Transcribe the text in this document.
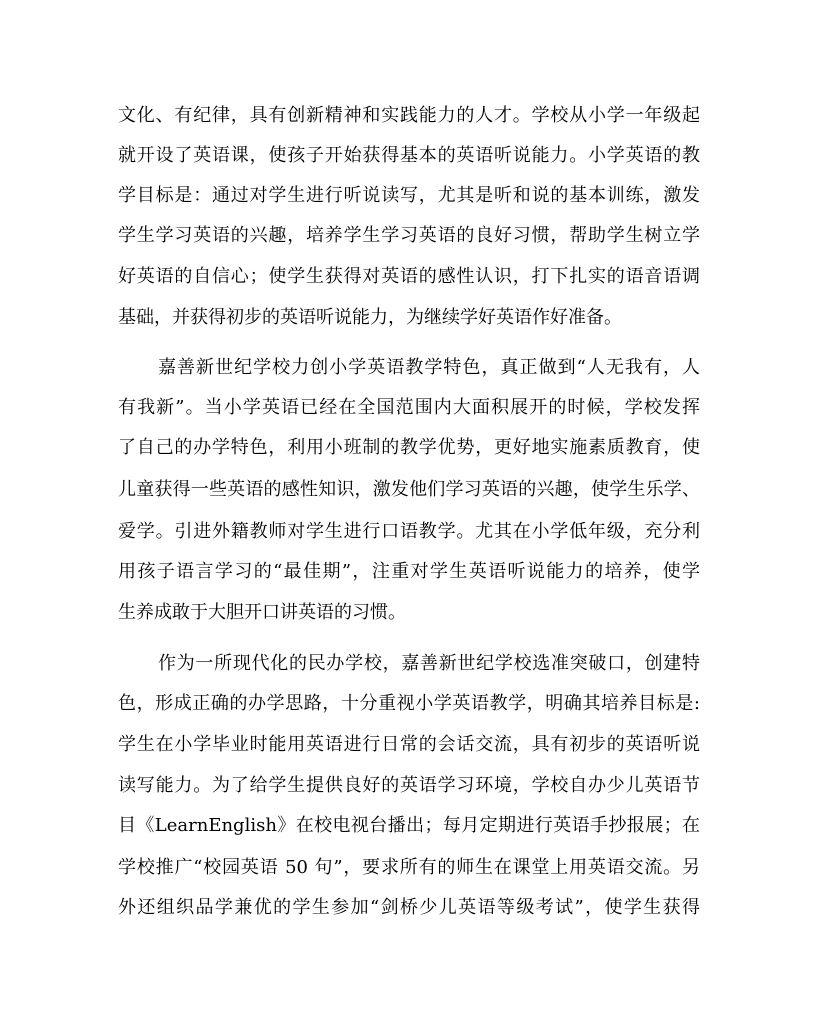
文化、有纪律，具有创新精神和实践能力的人才。学校从小学一年级起
就开设了英语课，使孩子开始获得基本的英语听说能力。小学英语的教
学目标是：通过对学生进行听说读写，尤其是听和说的基本训练，激发
学生学习英语的兴趣，培养学生学习英语的良好习惯，帮助学生树立学
好英语的自信心；使学生获得对英语的感性认识，打下扎实的语音语调
基础，并获得初步的英语听说能力，为继续学好英语作好准备。
嘉善新世纪学校力创小学英语教学特色，真正做到“人无我有，人
有我新”。当小学英语已经在全国范围内大面积展开的时候，学校发挥
了自己的办学特色，利用小班制的教学优势，更好地实施素质教育，使
儿童获得一些英语的感性知识，激发他们学习英语的兴趣，使学生乐学、
爱学。引进外籍教师对学生进行口语教学。尤其在小学低年级，充分利
用孩子语言学习的“最佳期”，注重对学生英语听说能力的培养，使学
生养成敢于大胆开口讲英语的习惯。
作为一所现代化的民办学校，嘉善新世纪学校选准突破口，创建特
色，形成正确的办学思路，十分重视小学英语教学，明确其培养目标是:
学生在小学毕业时能用英语进行日常的会话交流，具有初步的英语听说
读写能力。为了给学生提供良好的英语学习环境，学校自办少儿英语节
目《LearnEnglish》在校电视台播出；每月定期进行英语手抄报展；在
学校推广“校园英语 50 句”，要求所有的师生在课堂上用英语交流。另
外还组织品学兼优的学生参加“剑桥少儿英语等级考试”，使学生获得
